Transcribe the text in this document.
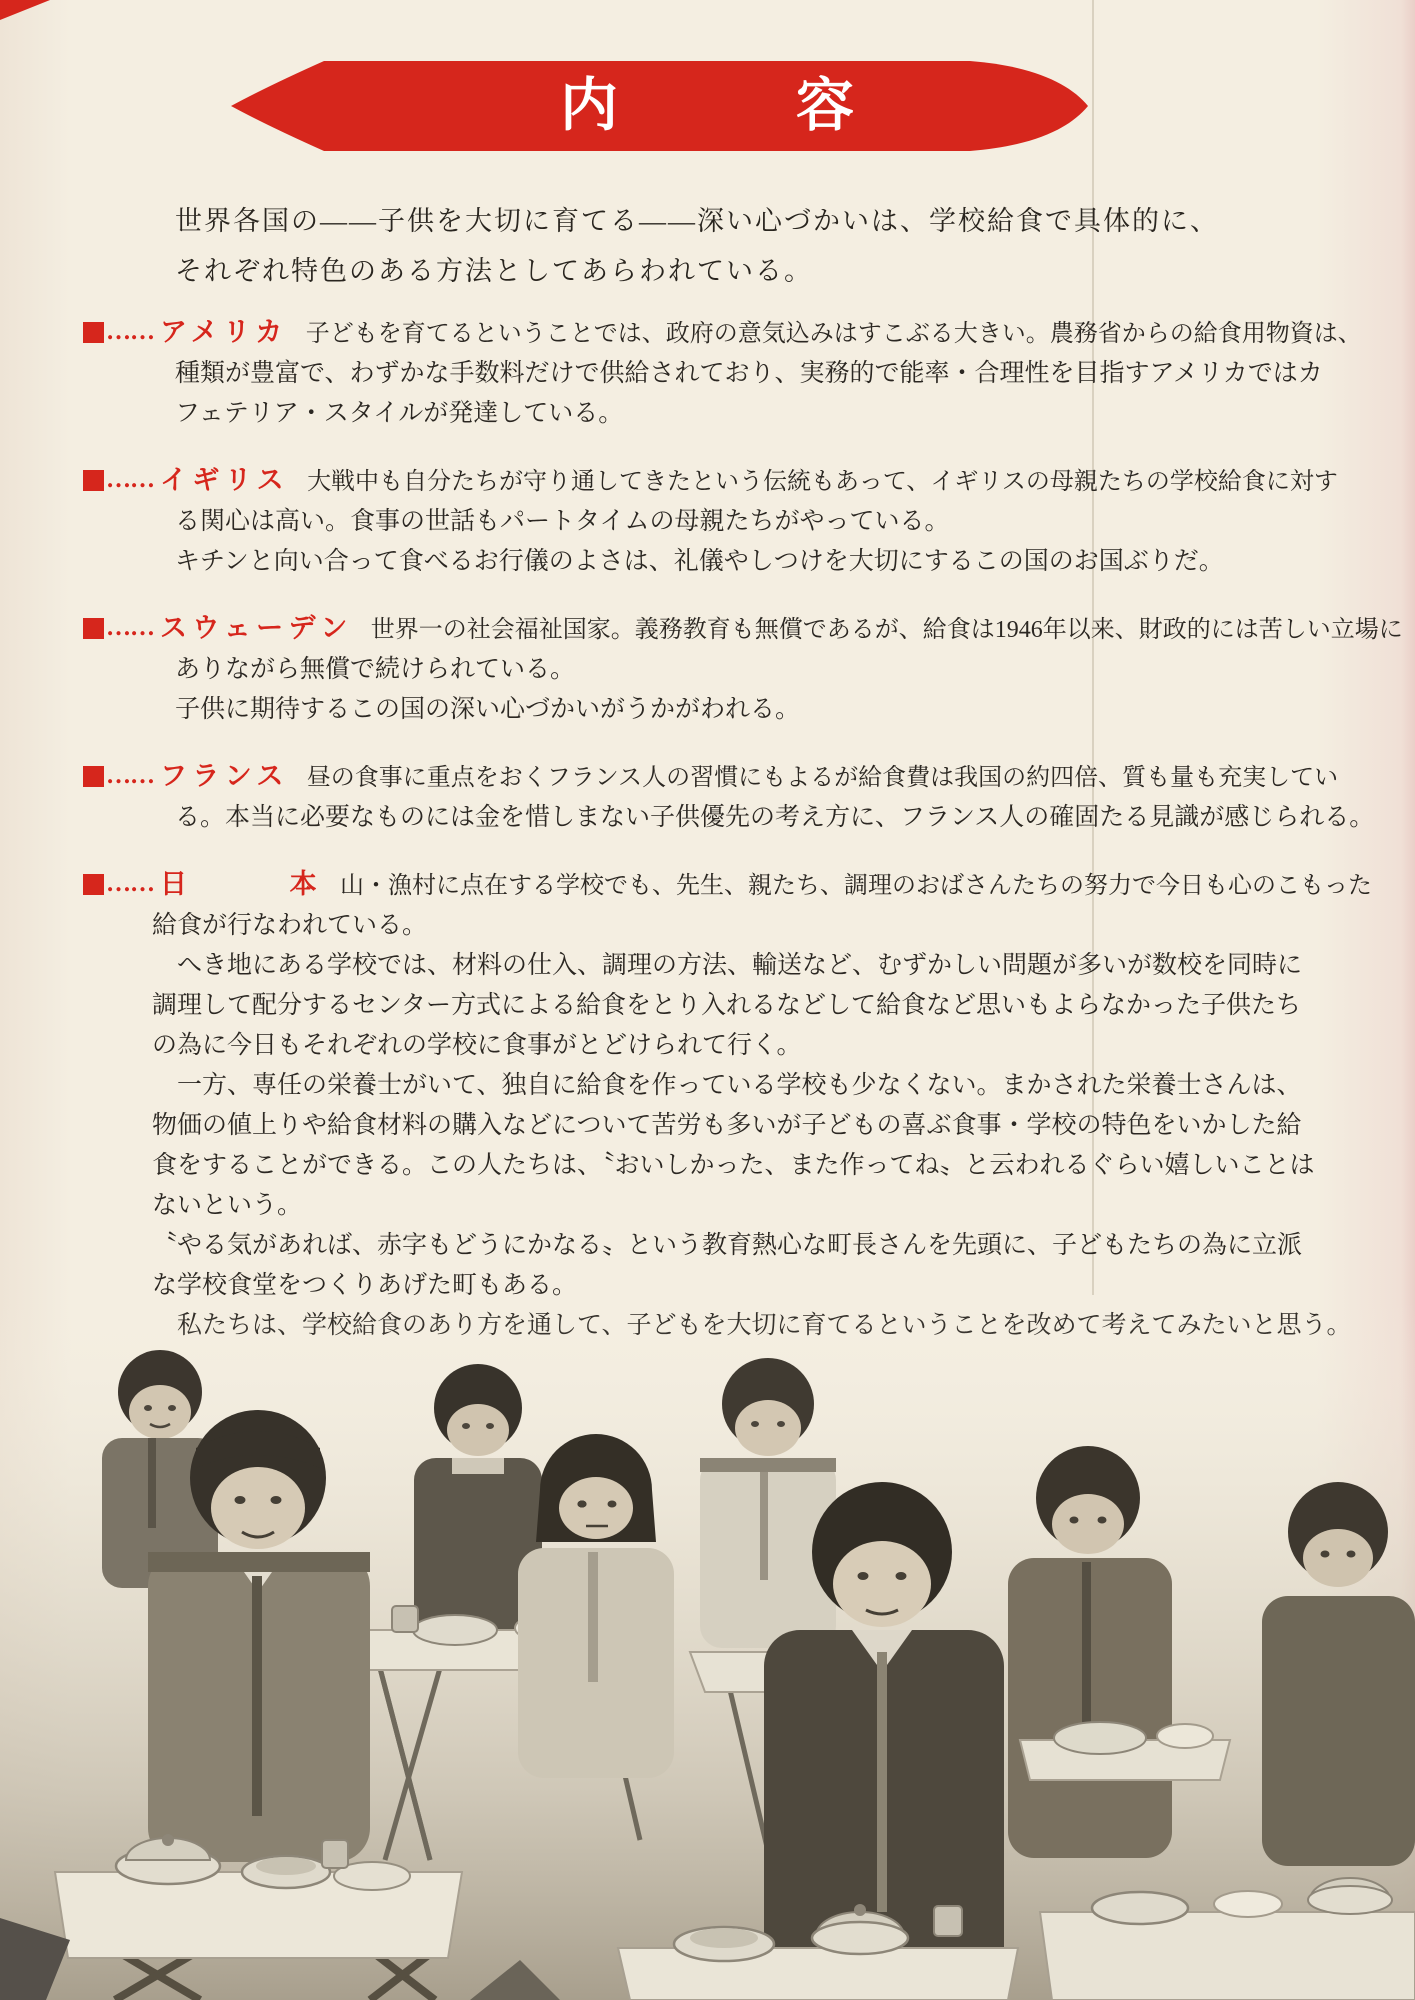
内	容
世界各国の——子供を大切に育てる——深い心づかいは、学校給食で具体的に、
それぞれ特色のある方法としてあらわれている。
…… アメリカ 子どもを育てるということでは、政府の意気込みはすこぶる大きい。農務省からの給食用物資は、
種類が豊富で、わずかな手数料だけで供給されており、実務的で能率・合理性を目指すアメリカではカ
フェテリア・スタイルが発達している。
…… イギリス 大戦中も自分たちが守り通してきたという伝統もあって、イギリスの母親たちの学校給食に対す
る関心は高い。食事の世話もパートタイムの母親たちがやっている。
キチンと向い合って食べるお行儀のよさは、礼儀やしつけを大切にするこの国のお国ぶりだ。
…… スウェーデン 世界一の社会福祉国家。義務教育も無償であるが、給食は1946年以来、財政的には苦しい立場に
ありながら無償で続けられている。
子供に期待するこの国の深い心づかいがうかがわれる。
…… フランス 昼の食事に重点をおくフランス人の習慣にもよるが給食費は我国の約四倍、質も量も充実してい
る。本当に必要なものには金を惜しまない子供優先の考え方に、フランス人の確固たる見識が感じられる。
…… 日　　　本 山・漁村に点在する学校でも、先生、親たち、調理のおばさんたちの努力で今日も心のこもった
給食が行なわれている。
　へき地にある学校では、材料の仕入、調理の方法、輸送など、むずかしい問題が多いが数校を同時に
調理して配分するセンター方式による給食をとり入れるなどして給食など思いもよらなかった子供たち
の為に今日もそれぞれの学校に食事がとどけられて行く。
　一方、専任の栄養士がいて、独自に給食を作っている学校も少なくない。まかされた栄養士さんは、
物価の値上りや給食材料の購入などについて苦労も多いが子どもの喜ぶ食事・学校の特色をいかした給
食をすることができる。この人たちは、〝おいしかった、また作ってね〟と云われるぐらい嬉しいことは
ないという。
〝やる気があれば、赤字もどうにかなる〟という教育熱心な町長さんを先頭に、子どもたちの為に立派
な学校食堂をつくりあげた町もある。
